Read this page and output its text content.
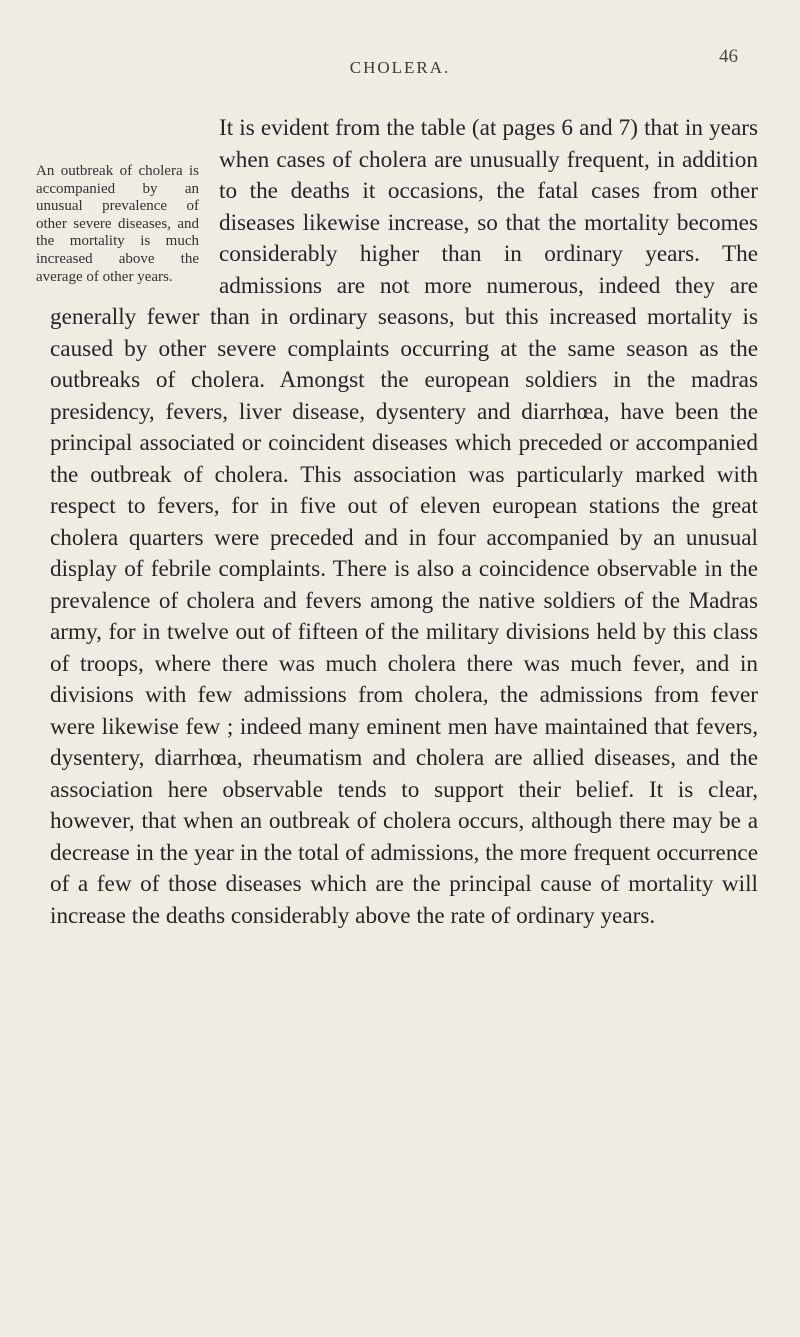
CHOLERA.
46
An outbreak of cholera is accompanied by an unusual prevalence of other severe diseases, and the mortality is much increased above the average of other years.

It is evident from the table (at pages 6 and 7) that in years when cases of cholera are unusually frequent, in addition to the deaths it occasions, the fatal cases from other diseases likewise increase, so that the mortality becomes considerably higher than in ordinary years. The admissions are not more numerous, indeed they are generally fewer than in ordinary seasons, but this increased mortality is caused by other severe complaints occurring at the same season as the outbreaks of cholera. Amongst the european soldiers in the madras presidency, fevers, liver disease, dysentery and diarrhœa, have been the principal associated or coincident diseases which preceded or accompanied the outbreak of cholera. This association was particularly marked with respect to fevers, for in five out of eleven european stations the great cholera quarters were preceded and in four accompanied by an unusual display of febrile complaints. There is also a coincidence observable in the prevalence of cholera and fevers among the native soldiers of the Madras army, for in twelve out of fifteen of the military divisions held by this class of troops, where there was much cholera there was much fever, and in divisions with few admissions from cholera, the admissions from fever were likewise few ; indeed many eminent men have maintained that fevers, dysentery, diarrhœa, rheumatism and cholera are allied diseases, and the association here observable tends to support their belief. It is clear, however, that when an outbreak of cholera occurs, although there may be a decrease in the year in the total of admissions, the more frequent occurrence of a few of those diseases which are the principal cause of mortality will increase the deaths considerably above the rate of ordinary years.
